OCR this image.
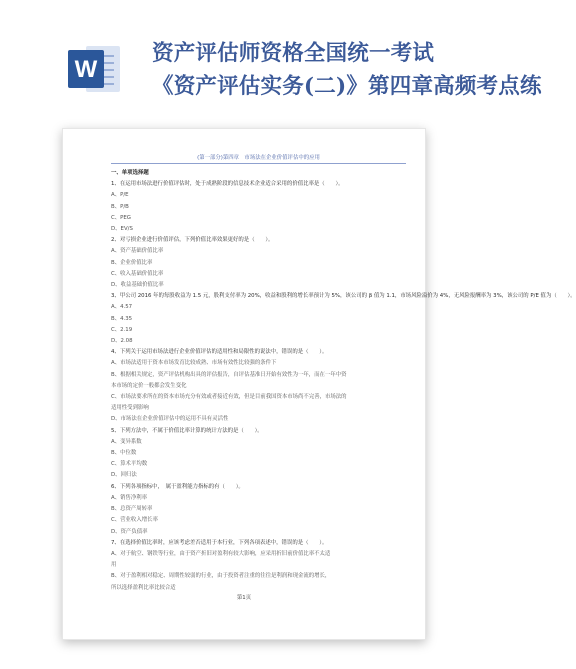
W
资产评估师资格全国统一考试
《资产评估实务(二)》第四章高频考点练
(第一部分)第四章　市场法在企业价值评估中的应用
一、单项选择题
1、在运用市场法进行价值评估时，处于成熟阶段的信息技术企业适合采用的价值比率是（　　）。
A、P/E
B、P/B
C、PEG
D、EV/S
2、对亏损企业进行价值评估，下列价值比率效果更好的是（　　）。
A、资产基础价值比率
B、企业价值比率
C、收入基础价值比率
D、收益基础价值比率
3、甲公司 2016 年的每股收益为 1.5 元，股利支付率为 20%，收益和股利的增长率预计为 5%，该公司的 β 值为 1.1，市场风险溢价为 4%，无风险报酬率为 3%，该公司的 P/E 值为（　　）。
A、4.57
B、4.35
C、2.19
D、2.08
4、下列关于运用市场法进行企业价值评估的适用性和局限性的说法中，错误的是（　　）。
A、市场法适用于资本市场发育比较成熟、市场有效性比较强的条件下
B、根据相关规定，资产评估机构出具的评估报告，自评估基准日开始有效性为一年，而在一年中资
本市场的定价一般都会发生变化
C、市场法要求所在的资本市场充分有效或者接近有效，但是目前我国资本市场尚不完善，市场法的
适用性受到影响
D、市场法在企业价值评估中的运用不具有灵活性
5、下列方法中，不属于价值比率计算的统计方法的是（　　）。
A、变异系数
B、中位数
C、算术平均数
D、回归法
6、下列各项指标中，　属于盈利能力指标的有（　　）。
A、销售净利率
B、总资产周转率
C、营业收入增长率
D、资产负债率
7、在选择价值比率时，应该考虑差否适用于本行业，下列各项表述中，错误的是（　　）。
A、对于航空、钢铁等行业，由于资产折旧对盈利有较大影响，应采用折旧前价值比率不太适
用
B、对于盈利相对稳定、周期性较弱的行业，由于投资者注重的往往是利润和现金流的增长，
所以选择盈利比率比较合适
第1页
